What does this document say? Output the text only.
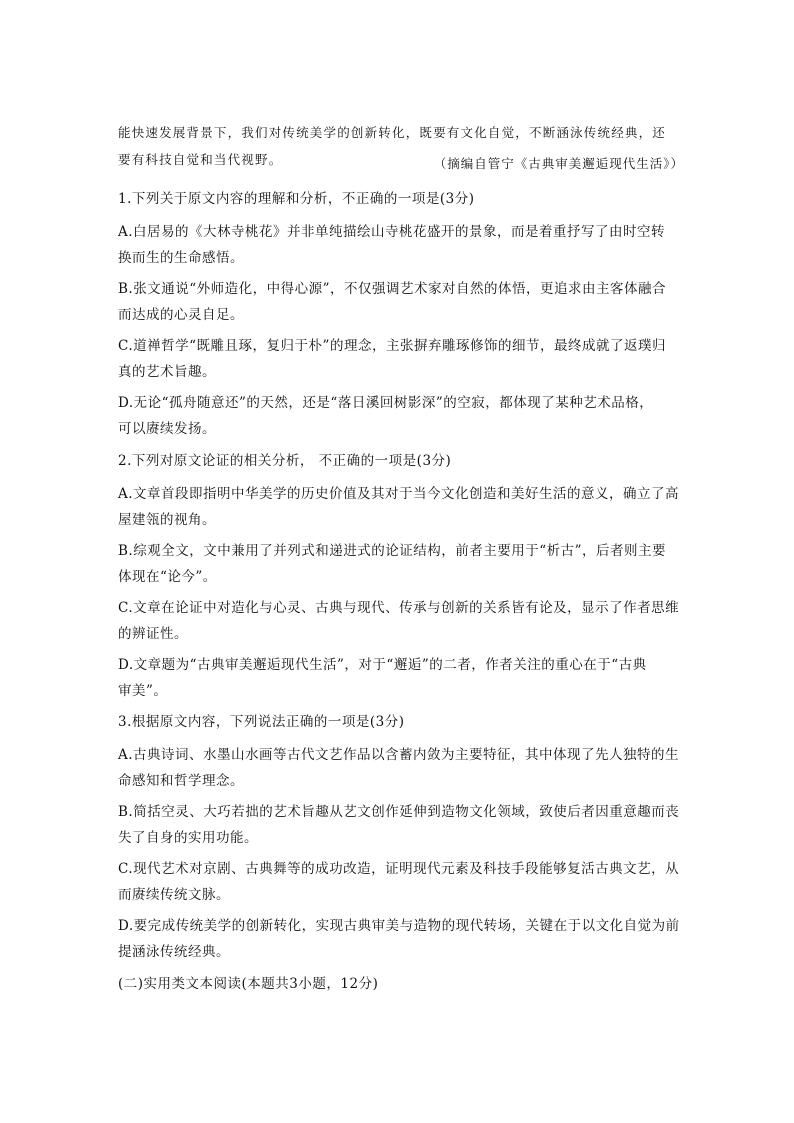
能快速发展背景下，我们对传统美学的创新转化，既要有文化自觉，不断涵泳传统经典，还
要有科技自觉和当代视野。	（摘编自管宁《古典审美邂逅现代生活》）
1.下列关于原文内容的理解和分析，不正确的一项是(3分)
A.白居易的《大林寺桃花》并非单纯描绘山寺桃花盛开的景象，而是着重抒写了由时空转
换而生的生命感悟。
B.张文通说“外师造化，中得心源”，不仅强调艺术家对自然的体悟，更追求由主客体融合
而达成的心灵自足。
C.道禅哲学“既雕且琢，复归于朴”的理念，主张摒弃雕琢修饰的细节，最终成就了返璞归
真的艺术旨趣。
D.无论“孤舟随意还”的天然，还是“落日溪回树影深”的空寂，都体现了某种艺术品格，
可以赓续发扬。
2.下列对原文论证的相关分析， 不正确的一项是(3分)
A.文章首段即指明中华美学的历史价值及其对于当今文化创造和美好生活的意义，确立了高
屋建瓴的视角。
B.综观全文，文中兼用了并列式和递进式的论证结构，前者主要用于“析古”，后者则主要
体现在“论今”。
C.文章在论证中对造化与心灵、古典与现代、传承与创新的关系皆有论及，显示了作者思维
的辨证性。
D.文章题为“古典审美邂逅现代生活”，对于“邂逅”的二者，作者关注的重心在于“古典
审美”。
3.根据原文内容，下列说法正确的一项是(3分)
A.古典诗词、水墨山水画等古代文艺作品以含蓄内敛为主要特征，其中体现了先人独特的生
命感知和哲学理念。
B.简括空灵、大巧若拙的艺术旨趣从艺文创作延伸到造物文化领域，致使后者因重意趣而丧
失了自身的实用功能。
C.现代艺术对京剧、古典舞等的成功改造，证明现代元素及科技手段能够复活古典文艺，从
而赓续传统文脉。
D.要完成传统美学的创新转化，实现古典审美与造物的现代转场，关键在于以文化自觉为前
提涵泳传统经典。
(二)实用类文本阅读(本题共3小题，12分)
